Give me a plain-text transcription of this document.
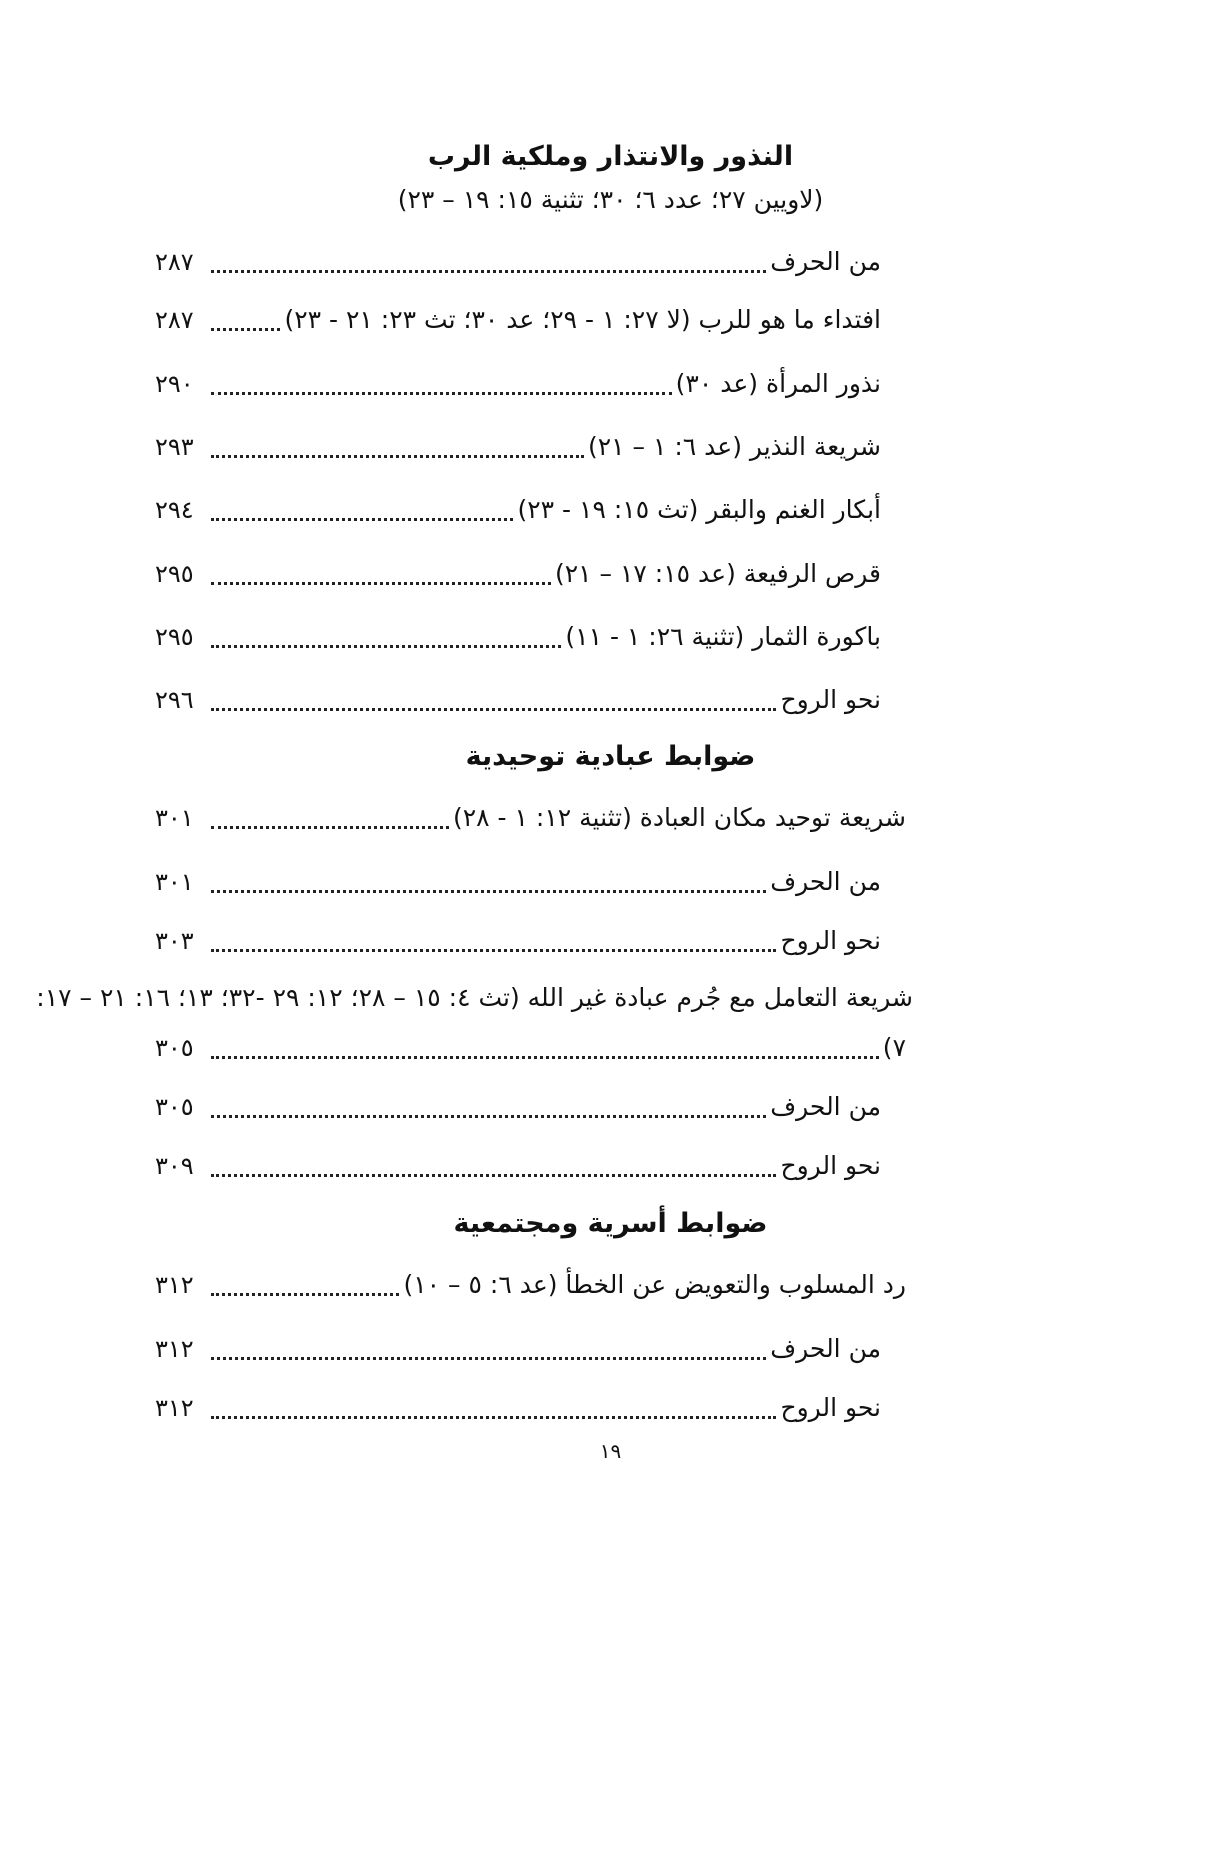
النذور والانتذار وملكية الرب
(لاويين ٢٧؛ عدد ٦؛ ٣٠؛ تثنية ١٥: ١٩ – ٢٣)
من الحرف
٢٨٧
افتداء ما هو للرب (لا ٢٧: ١ - ٢٩؛ عد ٣٠؛ تث ٢٣: ٢١ - ٢٣)
٢٨٧
نذور المرأة (عد ٣٠)
٢٩٠
شريعة النذير (عد ٦: ١ – ٢١)
٢٩٣
أبكار الغنم والبقر (تث ١٥: ١٩ - ٢٣)
٢٩٤
قرص الرفيعة (عد ١٥: ١٧ – ٢١)
٢٩٥
باكورة الثمار (تثنية ٢٦: ١ - ١١)
٢٩٥
نحو الروح
٢٩٦
ضوابط عبادية توحيدية
شريعة توحيد مكان العبادة (تثنية ١٢: ١ - ٢٨)
٣٠١
من الحرف
٣٠١
نحو الروح
٣٠٣
شريعة التعامل مع جُرم عبادة غير الله (تث ٤: ١٥ – ٢٨؛ ١٢: ٢٩ -٣٢؛ ١٣؛ ١٦: ٢١ – ١٧:
٧)
٣٠٥
من الحرف
٣٠٥
نحو الروح
٣٠٩
ضوابط أسرية ومجتمعية
رد المسلوب والتعويض عن الخطأ (عد ٦: ٥ – ١٠)
٣١٢
من الحرف
٣١٢
نحو الروح
٣١٢
١٩
